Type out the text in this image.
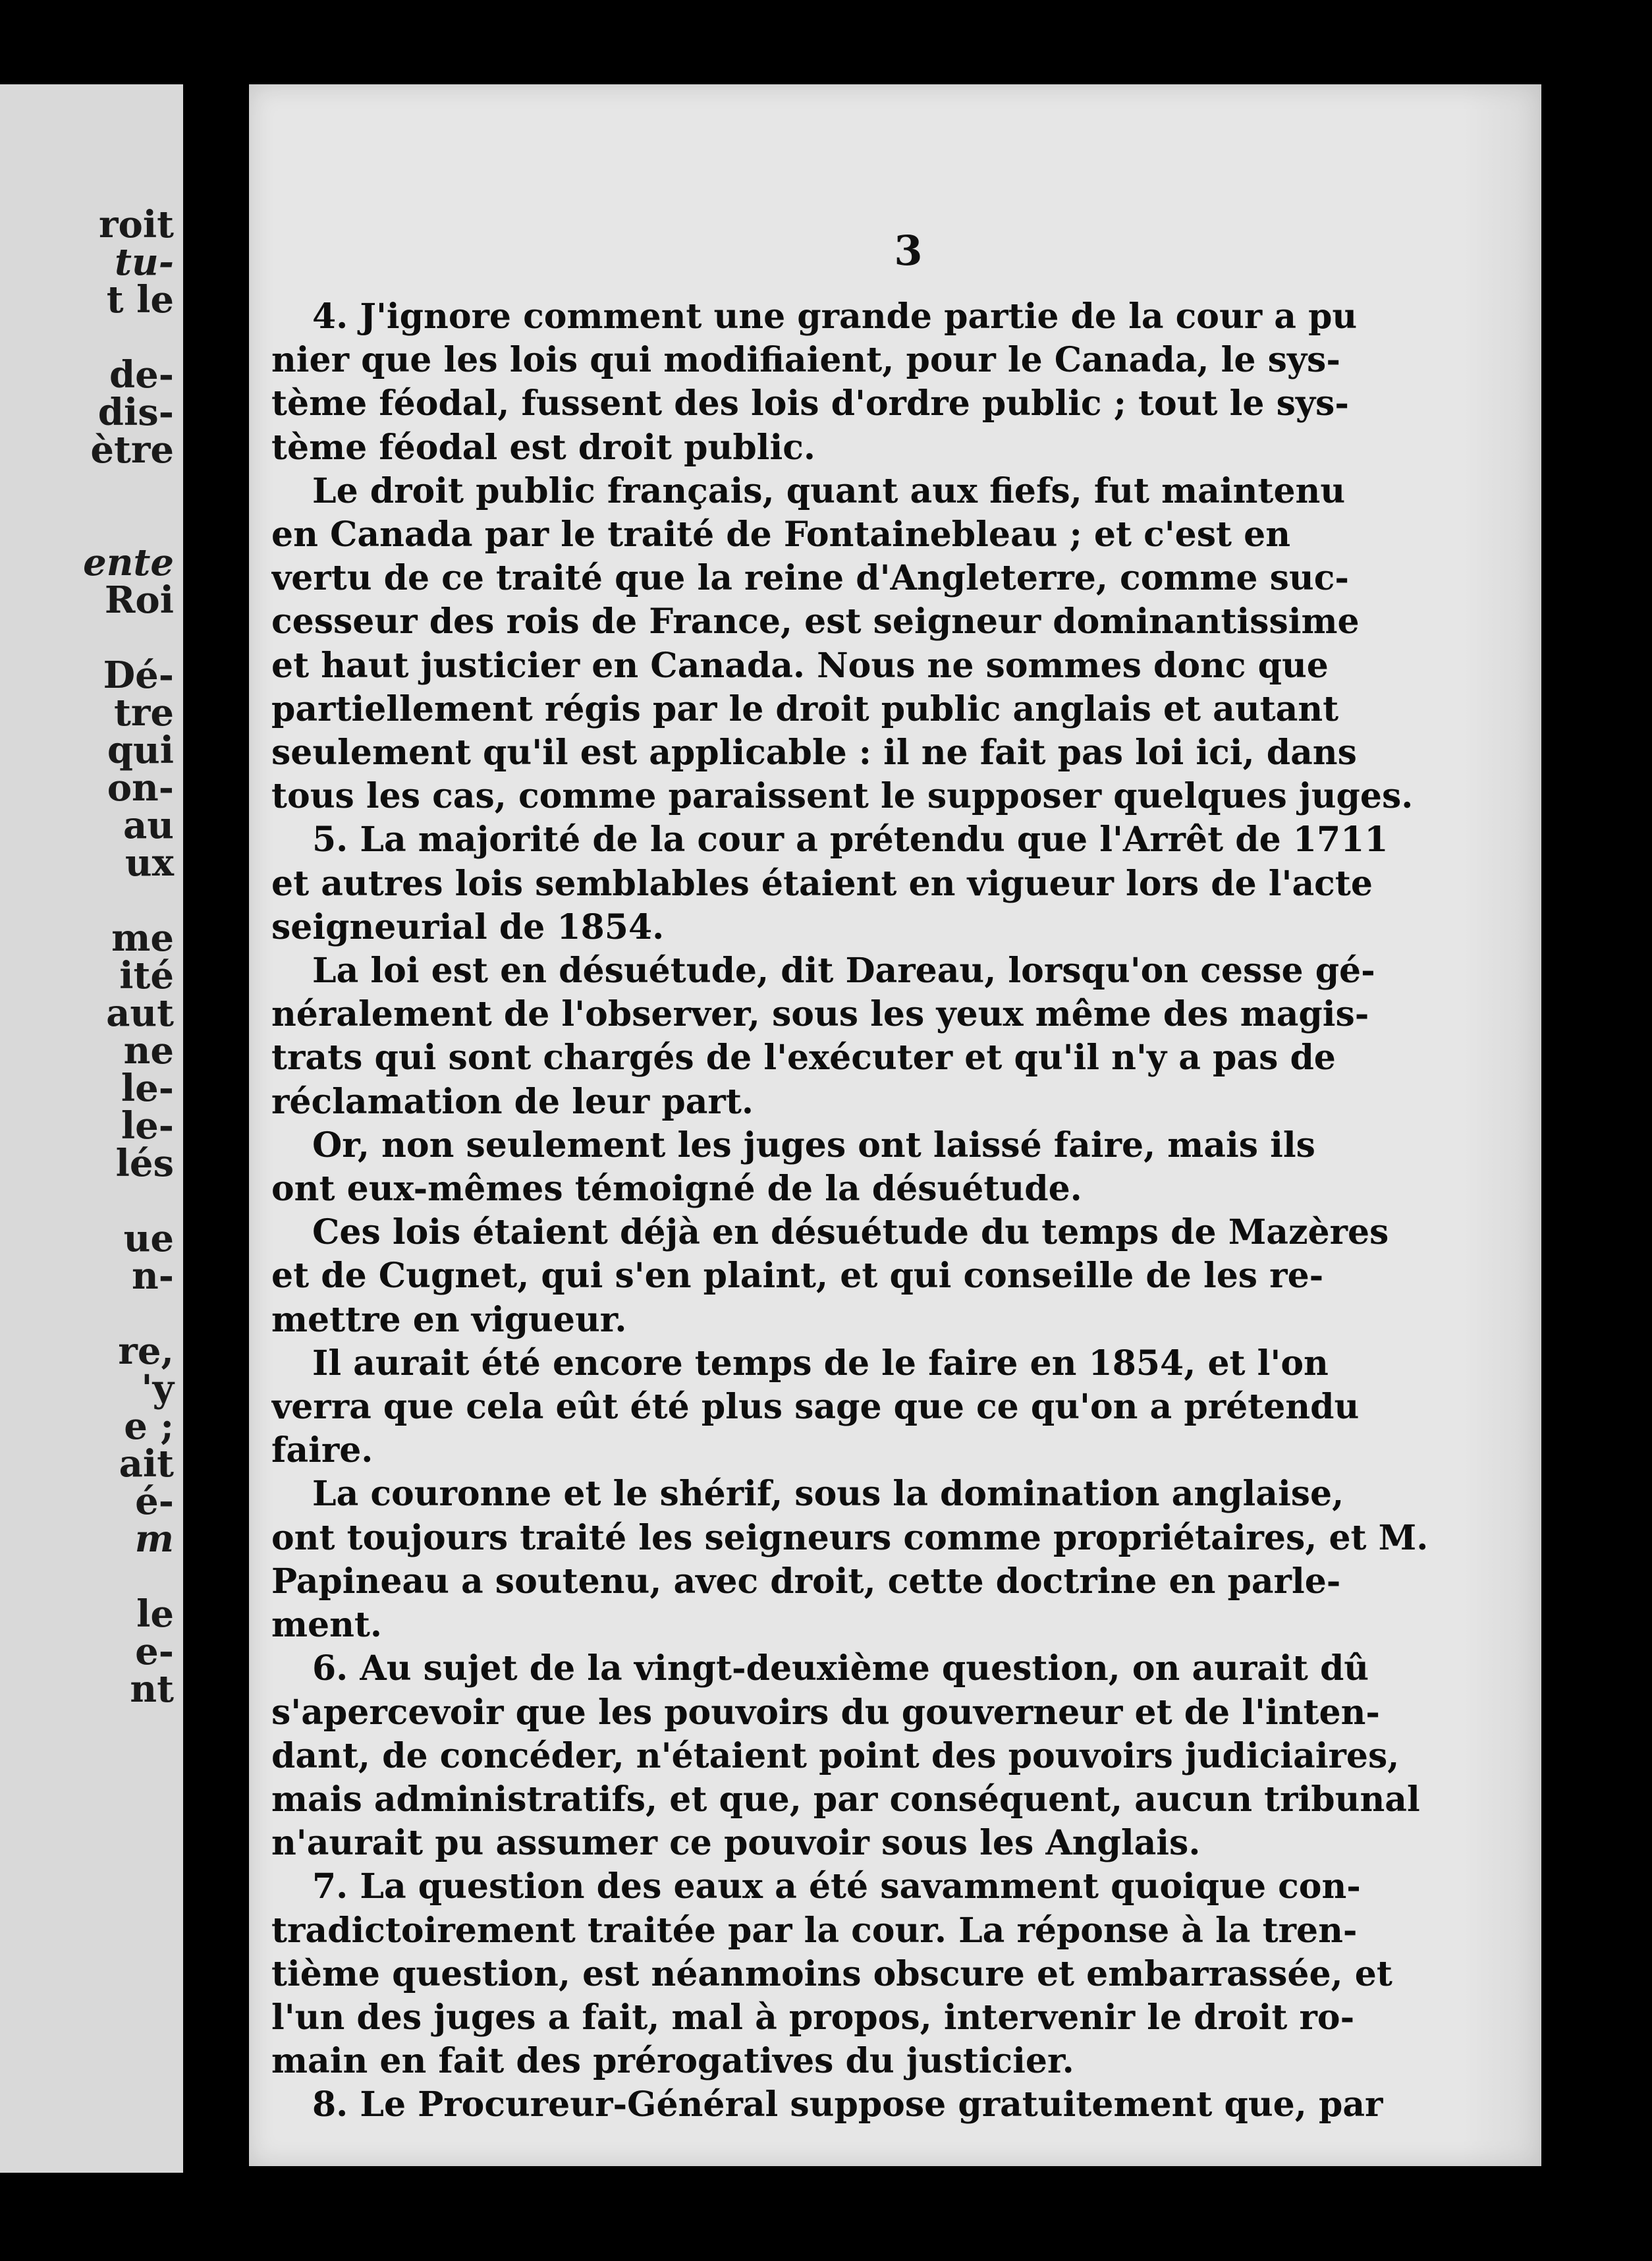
roit
tu-
t le

de-
dis-
ètre

ente
Roi

Dé-
tre
qui
on-
au
ux

me
ité
aut
ne
le-
le-
lés

ue
n-

re,
'y
e ;
ait
é-
m

le
e-
nt
3
4. J'ignore comment une grande partie de la cour a pu
nier que les lois qui modifiaient, pour le Canada, le sys-
tème féodal, fussent des lois d'ordre public ; tout le sys-
tème féodal est droit public.
Le droit public français, quant aux fiefs, fut maintenu
en Canada par le traité de Fontainebleau ; et c'est en
vertu de ce traité que la reine d'Angleterre, comme suc-
cesseur des rois de France, est seigneur dominantissime
et haut justicier en Canada. Nous ne sommes donc que
partiellement régis par le droit public anglais et autant
seulement qu'il est applicable : il ne fait pas loi ici, dans
tous les cas, comme paraissent le supposer quelques juges.
5. La majorité de la cour a prétendu que l'Arrêt de 1711
et autres lois semblables étaient en vigueur lors de l'acte
seigneurial de 1854.
La loi est en désuétude, dit Dareau, lorsqu'on cesse gé-
néralement de l'observer, sous les yeux même des magis-
trats qui sont chargés de l'exécuter et qu'il n'y a pas de
réclamation de leur part.
Or, non seulement les juges ont laissé faire, mais ils
ont eux-mêmes témoigné de la désuétude.
Ces lois étaient déjà en désuétude du temps de Mazères
et de Cugnet, qui s'en plaint, et qui conseille de les re-
mettre en vigueur.
Il aurait été encore temps de le faire en 1854, et l'on
verra que cela eût été plus sage que ce qu'on a prétendu
faire.
La couronne et le shérif, sous la domination anglaise,
ont toujours traité les seigneurs comme propriétaires, et M.
Papineau a soutenu, avec droit, cette doctrine en parle-
ment.
6. Au sujet de la vingt-deuxième question, on aurait dû
s'apercevoir que les pouvoirs du gouverneur et de l'inten-
dant, de concéder, n'étaient point des pouvoirs judiciaires,
mais administratifs, et que, par conséquent, aucun tribunal
n'aurait pu assumer ce pouvoir sous les Anglais.
7. La question des eaux a été savamment quoique con-
tradictoirement traitée par la cour. La réponse à la tren-
tième question, est néanmoins obscure et embarrassée, et
l'un des juges a fait, mal à propos, intervenir le droit ro-
main en fait des prérogatives du justicier.
8. Le Procureur-Général suppose gratuitement que, par
